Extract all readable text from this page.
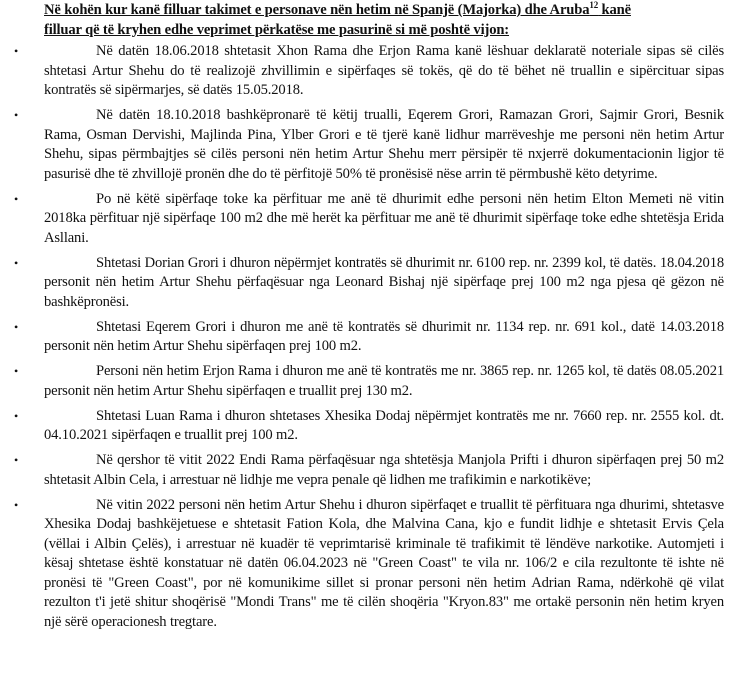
Në kohën kur kanë filluar takimet e personave nën hetim në Spanjë (Majorka) dhe Aruba$^{12}$ kanë
filluar që të kryhen edhe veprimet përkatëse me pasurinë si më poshtë vijon:
•	Në datën 18.06.2018 shtetasit Xhon Rama dhe Erjon Rama kanë lëshuar deklaratë noteriale sipas së cilës shtetasi Artur Shehu do të realizojë zhvillimin e sipërfaqes së tokës, që do të bëhet në truallin e sipërcituar sipas kontratës së sipërmarjes, së datës 15.05.2018.
•	Në datën 18.10.2018 bashkëpronarë të këtij trualli, Eqerem Grori, Ramazan Grori, Sajmir Grori, Besnik Rama, Osman Dervishi, Majlinda Pina, Ylber Grori e të tjerë kanë lidhur marrëveshje me personi nën hetim Artur Shehu, sipas përmbajtjes së cilës personi nën hetim Artur Shehu merr përsipër të nxjerrë dokumentacionin ligjor të pasurisë dhe të zhvillojë pronën dhe do të përfitojë 50% të pronësisë nëse arrin të përmbushë këto detyrime.
•	Po në këtë sipërfaqe toke ka përfituar me anë të dhurimit edhe personi nën hetim Elton Memeti në vitin 2018ka përfituar një sipërfaqe 100 m2 dhe më herët ka përfituar me anë të dhurimit sipërfaqe toke edhe shtetësja Erida Asllani.
•	Shtetasi Dorian Grori i dhuron nëpërmjet kontratës së dhurimit nr. 6100 rep. nr. 2399 kol, të datës. 18.04.2018 personit nën hetim Artur Shehu përfaqësuar nga Leonard Bishaj një sipërfaqe prej 100 m2 nga pjesa që gëzon në bashkëpronësi.
•	Shtetasi Eqerem Grori i dhuron me anë të kontratës së dhurimit nr. 1134 rep. nr. 691 kol., datë 14.03.2018 personit nën hetim Artur Shehu sipërfaqen prej 100 m2.
•	Personi nën hetim Erjon Rama i dhuron me anë të kontratës me nr. 3865 rep. nr. 1265 kol, të datës 08.05.2021 personit nën hetim Artur Shehu sipërfaqen e truallit prej 130 m2.
•	Shtetasi Luan Rama i dhuron shtetases Xhesika Dodaj nëpërmjet kontratës me nr. 7660 rep. nr. 2555 kol. dt. 04.10.2021 sipërfaqen e truallit prej 100 m2.
•	Në qershor të vitit 2022 Endi Rama përfaqësuar nga shtetësja Manjola Prifti i dhuron sipërfaqen prej 50 m2 shtetasit Albin Cela, i arrestuar në lidhje me vepra penale që lidhen me trafikimin e narkotikëve;
•	Në vitin 2022 personi nën hetim Artur Shehu i dhuron sipërfaqet e truallit të përfituara nga dhurimi, shtetasve Xhesika Dodaj bashkëjetuese e shtetasit Fation Kola, dhe Malvina Cana, kjo e fundit lidhje e shtetasit Ervis Çela (vëllai i Albin Çelës), i arrestuar në kuadër të veprimtarisë kriminale të trafikimit të lëndëve narkotike. Automjeti i kësaj shtetase është konstatuar në datën 06.04.2023 në "Green Coast" te vila nr. 106/2 e cila rezultonte të ishte në pronësi të "Green Coast", por në komunikime sillet si pronar personi nën hetim Adrian Rama, ndërkohë që vilat rezulton t'i jetë shitur shoqërisë "Mondi Trans" me të cilën shoqëria "Kryon.83" me ortakë personin nën hetim kryen një sërë operacionesh tregtare.
